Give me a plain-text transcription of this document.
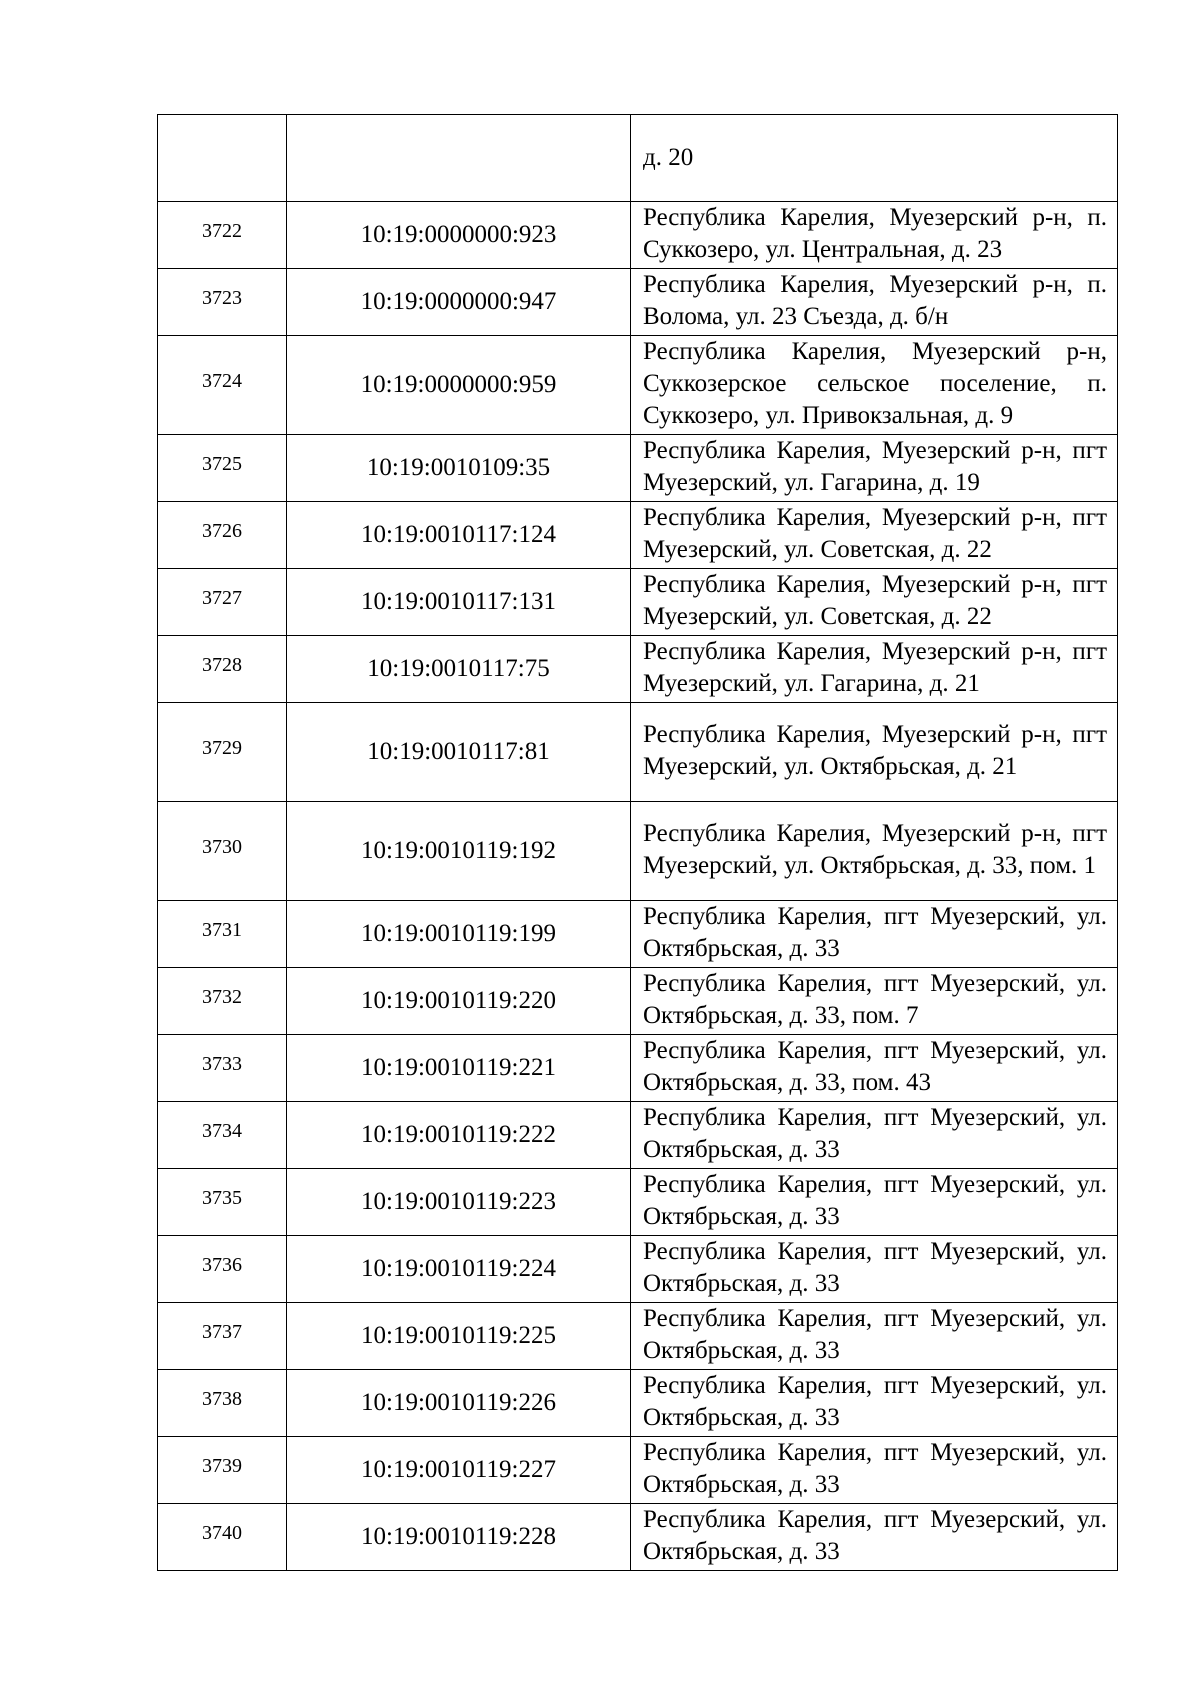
		д. 20
3722	10:19:0000000:923	Республика Карелия, Муезерский р-н, п. Суккозеро, ул. Центральная, д. 23
3723	10:19:0000000:947	Республика Карелия, Муезерский р-н, п. Волома, ул. 23 Съезда, д. б/н
3724	10:19:0000000:959	Республика Карелия, Муезерский р-н, Суккозерское сельское поселение, п. Суккозеро, ул. Привокзальная, д. 9
3725	10:19:0010109:35	Республика Карелия, Муезерский р-н, пгт Муезерский, ул. Гагарина, д. 19
3726	10:19:0010117:124	Республика Карелия, Муезерский р-н, пгт Муезерский, ул. Советская, д. 22
3727	10:19:0010117:131	Республика Карелия, Муезерский р-н, пгт Муезерский, ул. Советская, д. 22
3728	10:19:0010117:75	Республика Карелия, Муезерский р-н, пгт Муезерский, ул. Гагарина, д. 21
3729	10:19:0010117:81	Республика Карелия, Муезерский р-н, пгт Муезерский, ул. Октябрьская, д. 21
3730	10:19:0010119:192	Республика Карелия, Муезерский р-н, пгт Муезерский, ул. Октябрьская, д. 33, пом. 1
3731	10:19:0010119:199	Республика Карелия, пгт Муезерский, ул. Октябрьская, д. 33
3732	10:19:0010119:220	Республика Карелия, пгт Муезерский, ул. Октябрьская, д. 33, пом. 7
3733	10:19:0010119:221	Республика Карелия, пгт Муезерский, ул. Октябрьская, д. 33, пом. 43
3734	10:19:0010119:222	Республика Карелия, пгт Муезерский, ул. Октябрьская, д. 33
3735	10:19:0010119:223	Республика Карелия, пгт Муезерский, ул. Октябрьская, д. 33
3736	10:19:0010119:224	Республика Карелия, пгт Муезерский, ул. Октябрьская, д. 33
3737	10:19:0010119:225	Республика Карелия, пгт Муезерский, ул. Октябрьская, д. 33
3738	10:19:0010119:226	Республика Карелия, пгт Муезерский, ул. Октябрьская, д. 33
3739	10:19:0010119:227	Республика Карелия, пгт Муезерский, ул. Октябрьская, д. 33
3740	10:19:0010119:228	Республика Карелия, пгт Муезерский, ул. Октябрьская, д. 33
